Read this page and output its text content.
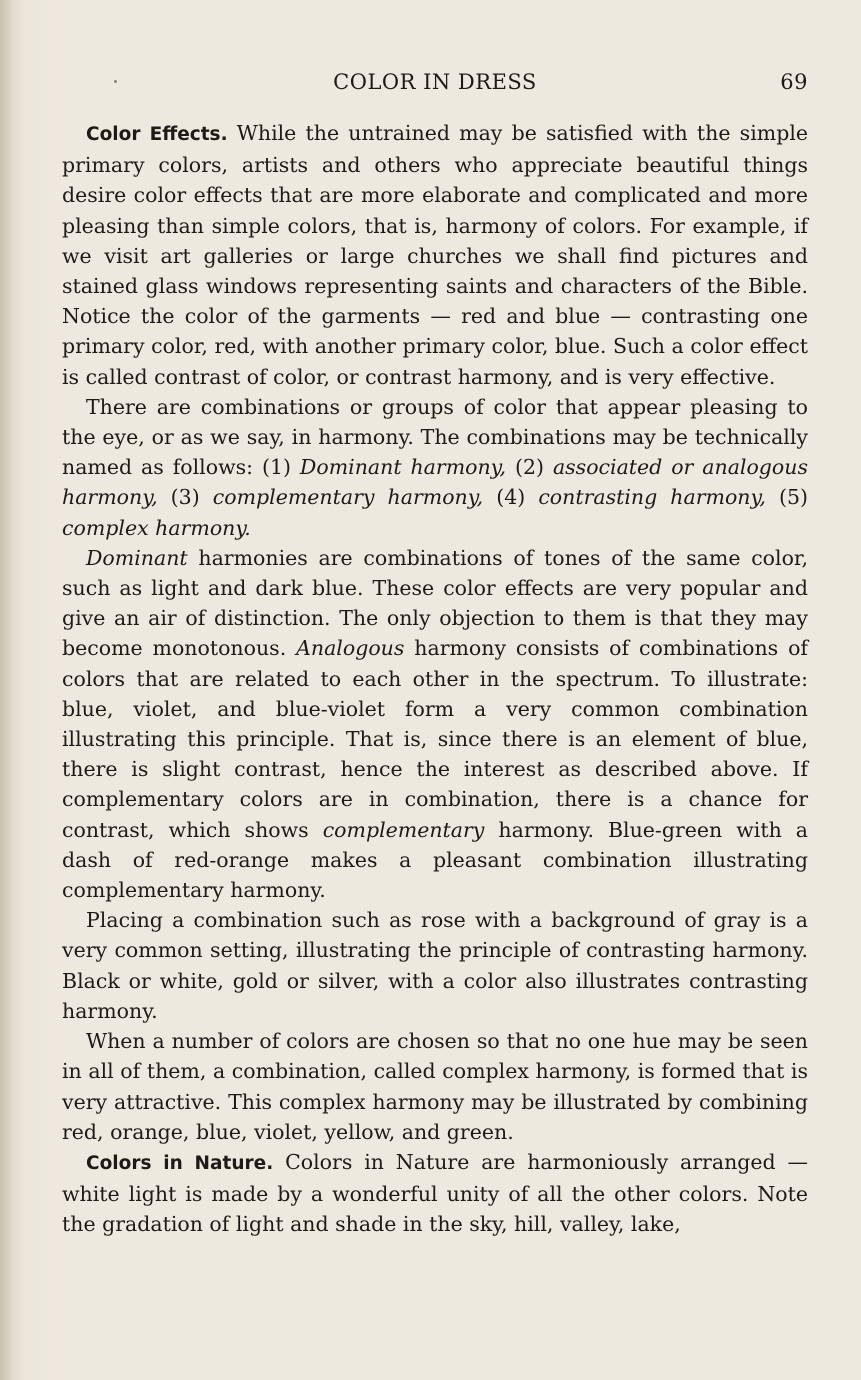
COLOR IN DRESS	69

Color Effects. While the untrained may be satisfied with the simple primary colors, artists and others who appreciate beautiful things desire color effects that are more elaborate and complicated and more pleasing than simple colors, that is, harmony of colors. For example, if we visit art galleries or large churches we shall find pictures and stained glass windows representing saints and characters of the Bible. Notice the color of the garments — red and blue — contrasting one primary color, red, with another primary color, blue. Such a color effect is called contrast of color, or contrast harmony, and is very effective.

There are combinations or groups of color that appear pleasing to the eye, or as we say, in harmony. The combinations may be technically named as follows: (1) Dominant harmony, (2) associated or analogous harmony, (3) complementary harmony, (4) contrasting harmony, (5) complex harmony.

Dominant harmonies are combinations of tones of the same color, such as light and dark blue. These color effects are very popular and give an air of distinction. The only objection to them is that they may become monotonous. Analogous harmony consists of combinations of colors that are related to each other in the spectrum. To illustrate: blue, violet, and blue-violet form a very common combination illustrating this principle. That is, since there is an element of blue, there is slight contrast, hence the interest as described above. If complementary colors are in combination, there is a chance for contrast, which shows complementary harmony. Blue-green with a dash of red-orange makes a pleasant combination illustrating complementary harmony.

Placing a combination such as rose with a background of gray is a very common setting, illustrating the principle of contrasting harmony. Black or white, gold or silver, with a color also illustrates contrasting harmony.

When a number of colors are chosen so that no one hue may be seen in all of them, a combination, called complex harmony, is formed that is very attractive. This complex harmony may be illustrated by combining red, orange, blue, violet, yellow, and green.

Colors in Nature. Colors in Nature are harmoniously arranged — white light is made by a wonderful unity of all the other colors. Note the gradation of light and shade in the sky, hill, valley, lake,
